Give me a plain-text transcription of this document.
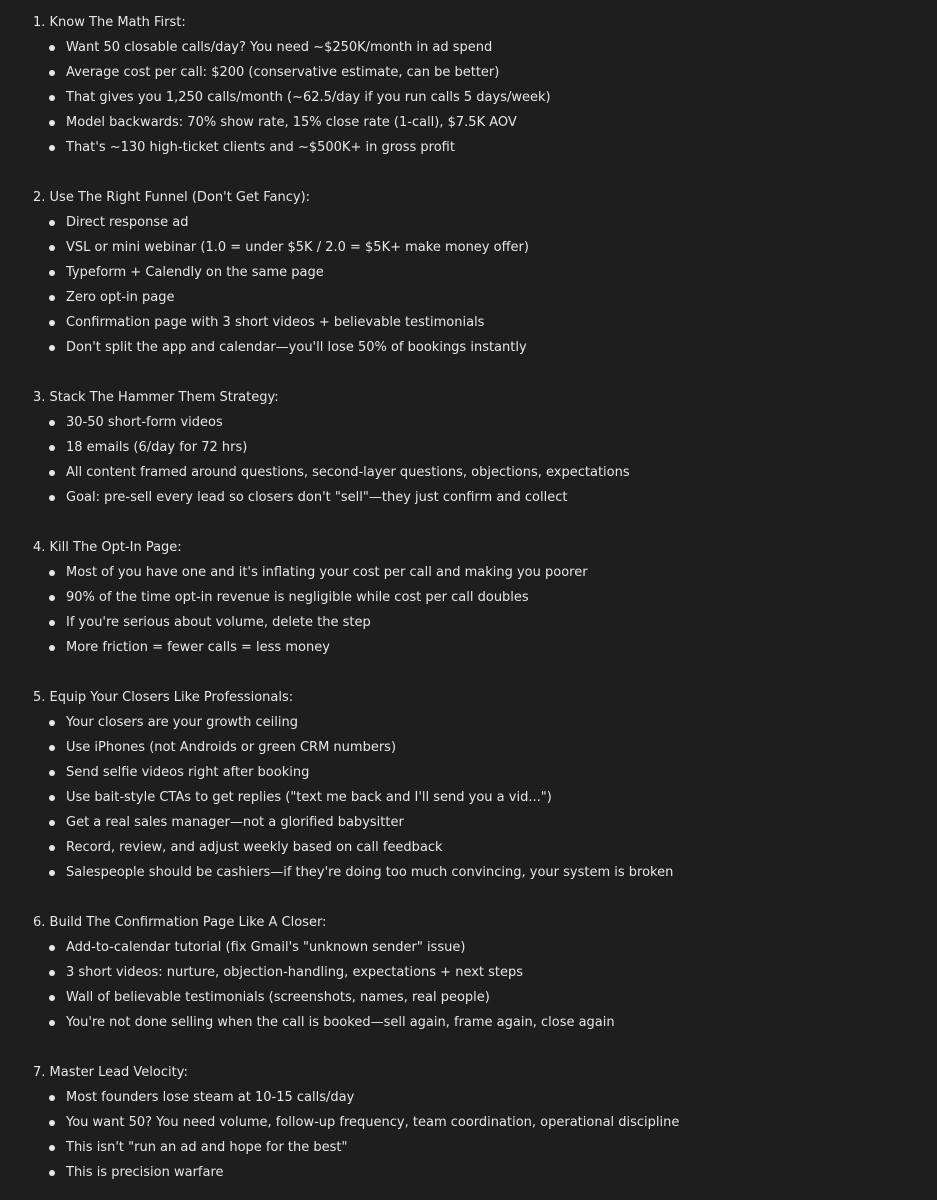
1. Know The Math First:
Want 50 closable calls/day? You need ~$250K/month in ad spend
Average cost per call: $200 (conservative estimate, can be better)
That gives you 1,250 calls/month (~62.5/day if you run calls 5 days/week)
Model backwards: 70% show rate, 15% close rate (1-call), $7.5K AOV
That's ~130 high-ticket clients and ~$500K+ in gross profit
2. Use The Right Funnel (Don't Get Fancy):
Direct response ad
VSL or mini webinar (1.0 = under $5K / 2.0 = $5K+ make money offer)
Typeform + Calendly on the same page
Zero opt-in page
Confirmation page with 3 short videos + believable testimonials
Don't split the app and calendar—you'll lose 50% of bookings instantly
3. Stack The Hammer Them Strategy:
30-50 short-form videos
18 emails (6/day for 72 hrs)
All content framed around questions, second-layer questions, objections, expectations
Goal: pre-sell every lead so closers don't "sell"—they just confirm and collect
4. Kill The Opt-In Page:
Most of you have one and it's inflating your cost per call and making you poorer
90% of the time opt-in revenue is negligible while cost per call doubles
If you're serious about volume, delete the step
More friction = fewer calls = less money
5. Equip Your Closers Like Professionals:
Your closers are your growth ceiling
Use iPhones (not Androids or green CRM numbers)
Send selfie videos right after booking
Use bait-style CTAs to get replies ("text me back and I'll send you a vid...")
Get a real sales manager—not a glorified babysitter
Record, review, and adjust weekly based on call feedback
Salespeople should be cashiers—if they're doing too much convincing, your system is broken
6. Build The Confirmation Page Like A Closer:
Add-to-calendar tutorial (fix Gmail's "unknown sender" issue)
3 short videos: nurture, objection-handling, expectations + next steps
Wall of believable testimonials (screenshots, names, real people)
You're not done selling when the call is booked—sell again, frame again, close again
7. Master Lead Velocity:
Most founders lose steam at 10-15 calls/day
You want 50? You need volume, follow-up frequency, team coordination, operational discipline
This isn't "run an ad and hope for the best"
This is precision warfare
